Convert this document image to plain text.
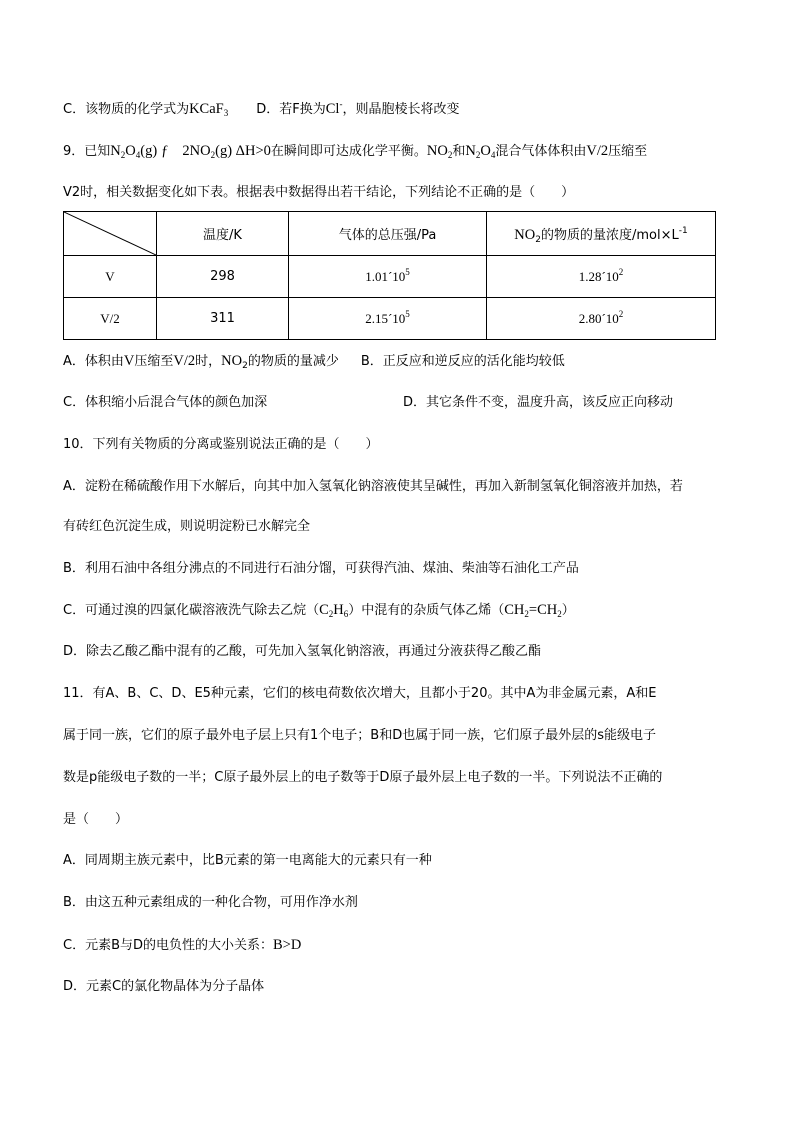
C．该物质的化学式为KCaF$_3$ D．若F换为Cl-，则晶胞棱长将改变
9．已知$N_2O_4(g)$ ƒ $2NO_2(g)$ ΔH>0在瞬间即可达成化学平衡。$NO_2$和$N_2O_4$混合气体体积由V/2压缩至
V2时，相关数据变化如下表。根据表中数据得出若干结论，下列结论不正确的是（　　）
	温度/K	气体的总压强/Pa	$NO_2$的物质的量浓度$/mol\times L^{-1}$
V	298	$1.01´10^5$	$1.28´10^2$
V/2	311	$2.15´10^5$	$2.80´10^2$
A．体积由V压缩至V/2时，$NO_2$的物质的量减少 B．正反应和逆反应的活化能均较低
C．体积缩小后混合气体的颜色加深	D．其它条件不变，温度升高，该反应正向移动
10．下列有关物质的分离或鉴别说法正确的是（　　）
A．淀粉在稀硫酸作用下水解后，向其中加入氢氧化钠溶液使其呈碱性，再加入新制氢氧化铜溶液并加热，若
有砖红色沉淀生成，则说明淀粉已水解完全
B．利用石油中各组分沸点的不同进行石油分馏，可获得汽油、煤油、柴油等石油化工产品
C．可通过溴的四氯化碳溶液洗气除去乙烷$(C_2H_6)$中混有的杂质气体乙烯$(CH_2=CH_2)$
D．除去乙酸乙酯中混有的乙酸，可先加入氢氧化钠溶液，再通过分液获得乙酸乙酯
11．有A、B、C、D、E5种元素，它们的核电荷数依次增大，且都小于20。其中A为非金属元素，A和E
属于同一族，它们的原子最外电子层上只有1个电子；B和D也属于同一族，它们原子最外层的s能级电子
数是p能级电子数的一半；C原子最外层上的电子数等于D原子最外层上电子数的一半。下列说法不正确的
是（　　）
A．同周期主族元素中，比B元素的第一电离能大的元素只有一种
B．由这五种元素组成的一种化合物，可用作净水剂
C．元素B与D的电负性的大小关系：B>D
D．元素C的氯化物晶体为分子晶体
